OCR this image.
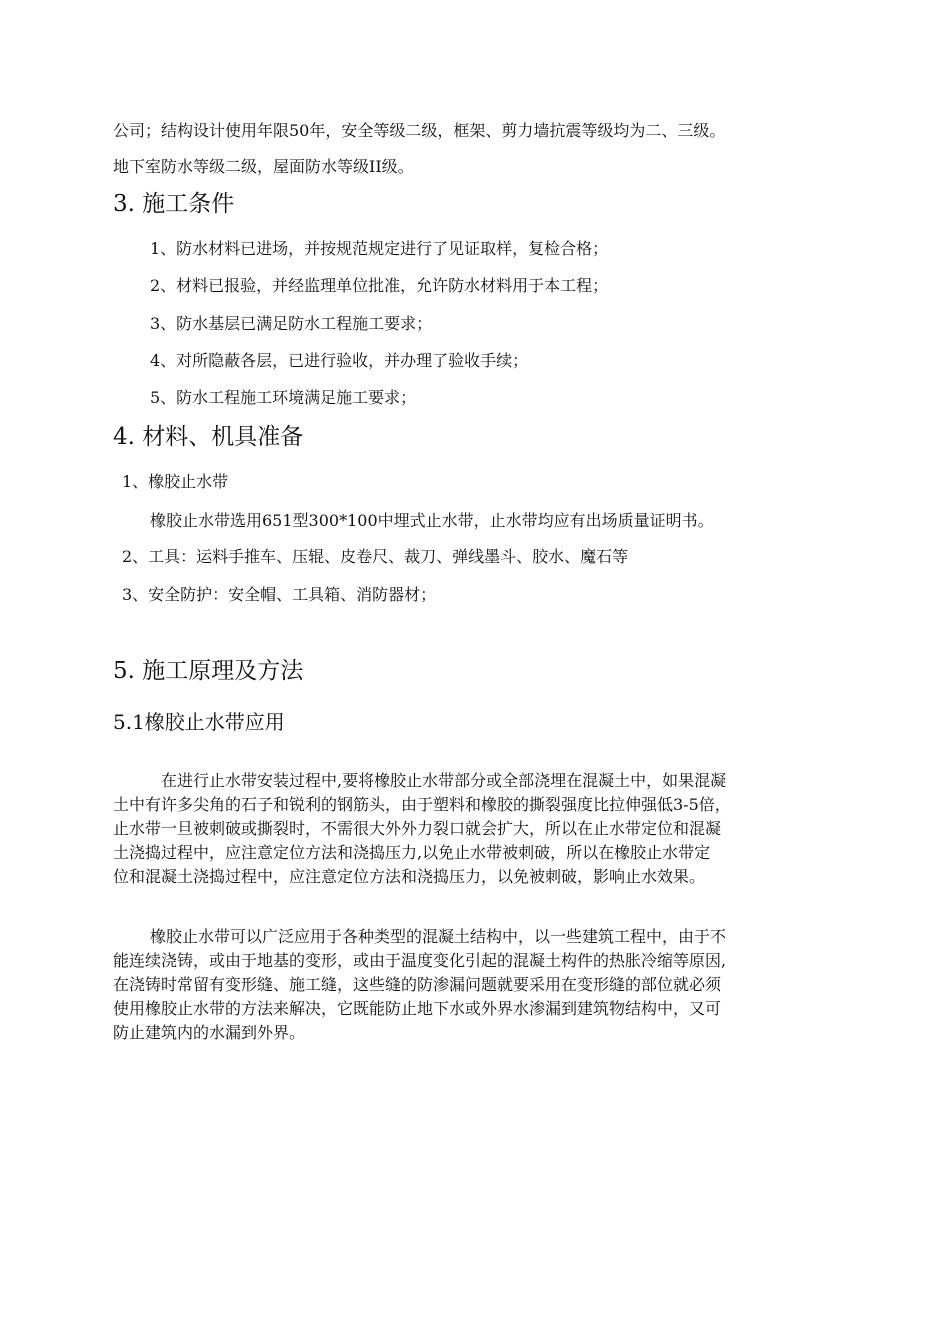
公司；结构设计使用年限50年，安全等级二级，框架、剪力墙抗震等级均为二、三级。
地下室防水等级二级，屋面防水等级II级。
3. 施工条件
1、防水材料已进场，并按规范规定进行了见证取样，复检合格；
2、材料已报验，并经监理单位批准，允许防水材料用于本工程；
3、防水基层已满足防水工程施工要求；
4、对所隐蔽各层，已进行验收，并办理了验收手续；
5、防水工程施工环境满足施工要求；
4. 材料、机具准备
1、橡胶止水带
橡胶止水带选用651型300*100中埋式止水带，止水带均应有出场质量证明书。
2、工具：运料手推车、压辊、皮卷尺、裁刀、弹线墨斗、胶水、魔石等
3、安全防护：安全帽、工具箱、消防器材；
5. 施工原理及方法
5.1橡胶止水带应用

在进行止水带安装过程中,要将橡胶止水带部分或全部浇埋在混凝土中，如果混凝

土中有许多尖角的石子和锐利的钢筋头，由于塑料和橡胶的撕裂强度比拉伸强低3-5倍，

止水带一旦被刺破或撕裂时，不需很大外外力裂口就会扩大，所以在止水带定位和混凝

土浇捣过程中，应注意定位方法和浇捣压力,以免止水带被刺破，所以在橡胶止水带定

位和混凝土浇捣过程中，应注意定位方法和浇捣压力，以免被刺破，影响止水效果。

橡胶止水带可以广泛应用于各种类型的混凝土结构中，以一些建筑工程中，由于不

能连续浇铸，或由于地基的变形，或由于温度变化引起的混凝土构件的热胀冷缩等原因,

在浇铸时常留有变形缝、施工缝，这些缝的防渗漏问题就要采用在变形缝的部位就必须

使用橡胶止水带的方法来解决，它既能防止地下水或外界水渗漏到建筑物结构中，又可

防止建筑内的水漏到外界。
